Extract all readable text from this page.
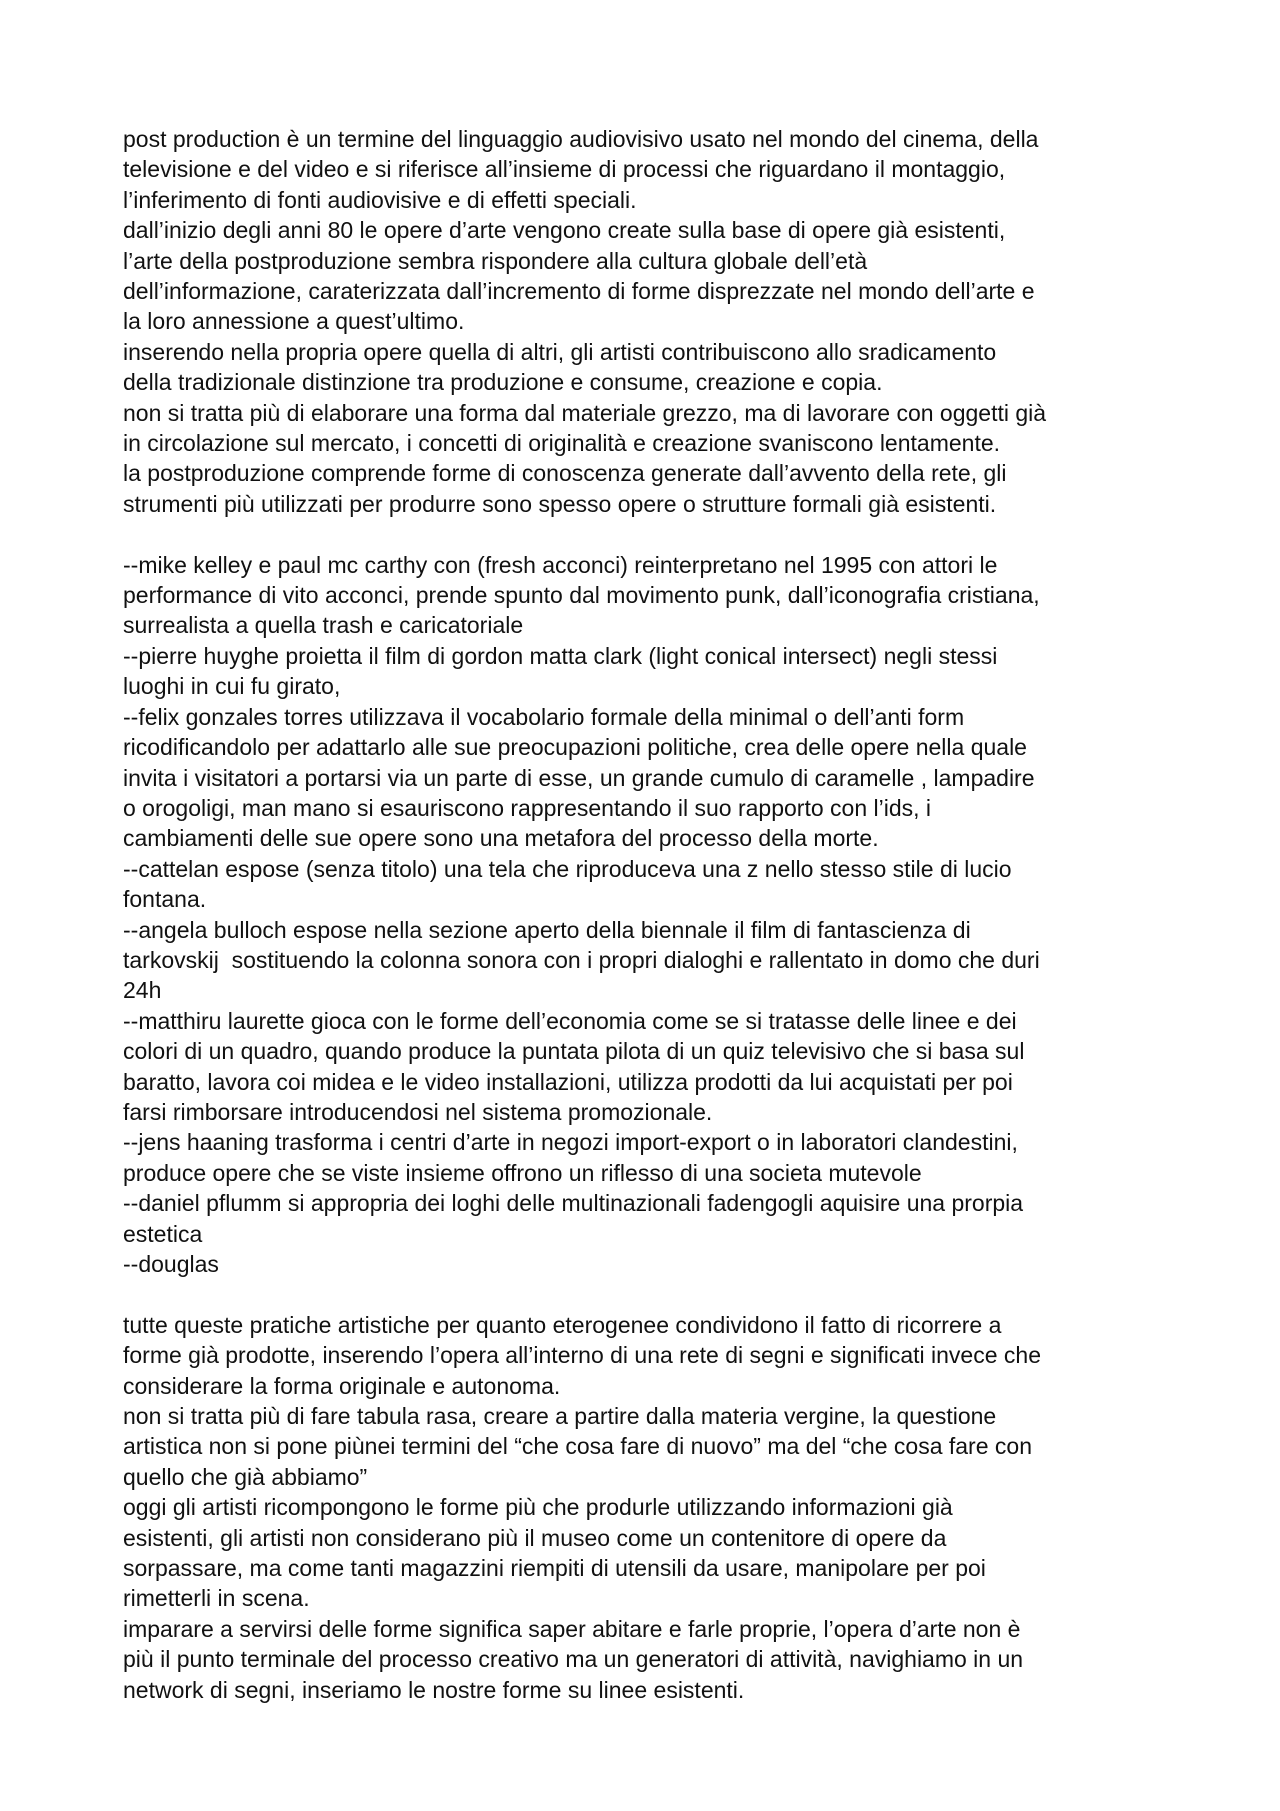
post production è un termine del linguaggio audiovisivo usato nel mondo del cinema, della
televisione e del video e si riferisce all’insieme di processi che riguardano il montaggio,
l’inferimento di fonti audiovisive e di effetti speciali.
dall’inizio degli anni 80 le opere d’arte vengono create sulla base di opere già esistenti,
l’arte della postproduzione sembra rispondere alla cultura globale dell’età
dell’informazione, caraterizzata dall’incremento di forme disprezzate nel mondo dell’arte e
la loro annessione a quest’ultimo.
inserendo nella propria opere quella di altri, gli artisti contribuiscono allo sradicamento
della tradizionale distinzione tra produzione e consume, creazione e copia.
non si tratta più di elaborare una forma dal materiale grezzo, ma di lavorare con oggetti già
in circolazione sul mercato, i concetti di originalità e creazione svaniscono lentamente.
la postproduzione comprende forme di conoscenza generate dall’avvento della rete, gli
strumenti più utilizzati per produrre sono spesso opere o strutture formali già esistenti.
--mike kelley e paul mc carthy con (fresh acconci) reinterpretano nel 1995 con attori le
performance di vito acconci, prende spunto dal movimento punk, dall’iconografia cristiana,
surrealista a quella trash e caricatoriale
--pierre huyghe proietta il film di gordon matta clark (light conical intersect) negli stessi
luoghi in cui fu girato,
--felix gonzales torres utilizzava il vocabolario formale della minimal o dell’anti form
ricodificandolo per adattarlo alle sue preocupazioni politiche, crea delle opere nella quale
invita i visitatori a portarsi via un parte di esse, un grande cumulo di caramelle , lampadire
o orogoligi, man mano si esauriscono rappresentando il suo rapporto con l’ids, i
cambiamenti delle sue opere sono una metafora del processo della morte.
--cattelan espose (senza titolo) una tela che riproduceva una z nello stesso stile di lucio
fontana.
--angela bulloch espose nella sezione aperto della biennale il film di fantascienza di
tarkovskij  sostituendo la colonna sonora con i propri dialoghi e rallentato in domo che duri
24h
--matthiru laurette gioca con le forme dell’economia come se si tratasse delle linee e dei
colori di un quadro, quando produce la puntata pilota di un quiz televisivo che si basa sul
baratto, lavora coi midea e le video installazioni, utilizza prodotti da lui acquistati per poi
farsi rimborsare introducendosi nel sistema promozionale.
--jens haaning trasforma i centri d’arte in negozi import-export o in laboratori clandestini,
produce opere che se viste insieme offrono un riflesso di una societa mutevole
--daniel pflumm si appropria dei loghi delle multinazionali fadengogli aquisire una prorpia
estetica
--douglas
tutte queste pratiche artistiche per quanto eterogenee condividono il fatto di ricorrere a
forme già prodotte, inserendo l’opera all’interno di una rete di segni e significati invece che
considerare la forma originale e autonoma.
non si tratta più di fare tabula rasa, creare a partire dalla materia vergine, la questione
artistica non si pone piùnei termini del “che cosa fare di nuovo” ma del “che cosa fare con
quello che già abbiamo”
oggi gli artisti ricompongono le forme più che produrle utilizzando informazioni già
esistenti, gli artisti non considerano più il museo come un contenitore di opere da
sorpassare, ma come tanti magazzini riempiti di utensili da usare, manipolare per poi
rimetterli in scena.
imparare a servirsi delle forme significa saper abitare e farle proprie, l’opera d’arte non è
più il punto terminale del processo creativo ma un generatori di attività, navighiamo in un
network di segni, inseriamo le nostre forme su linee esistenti.
